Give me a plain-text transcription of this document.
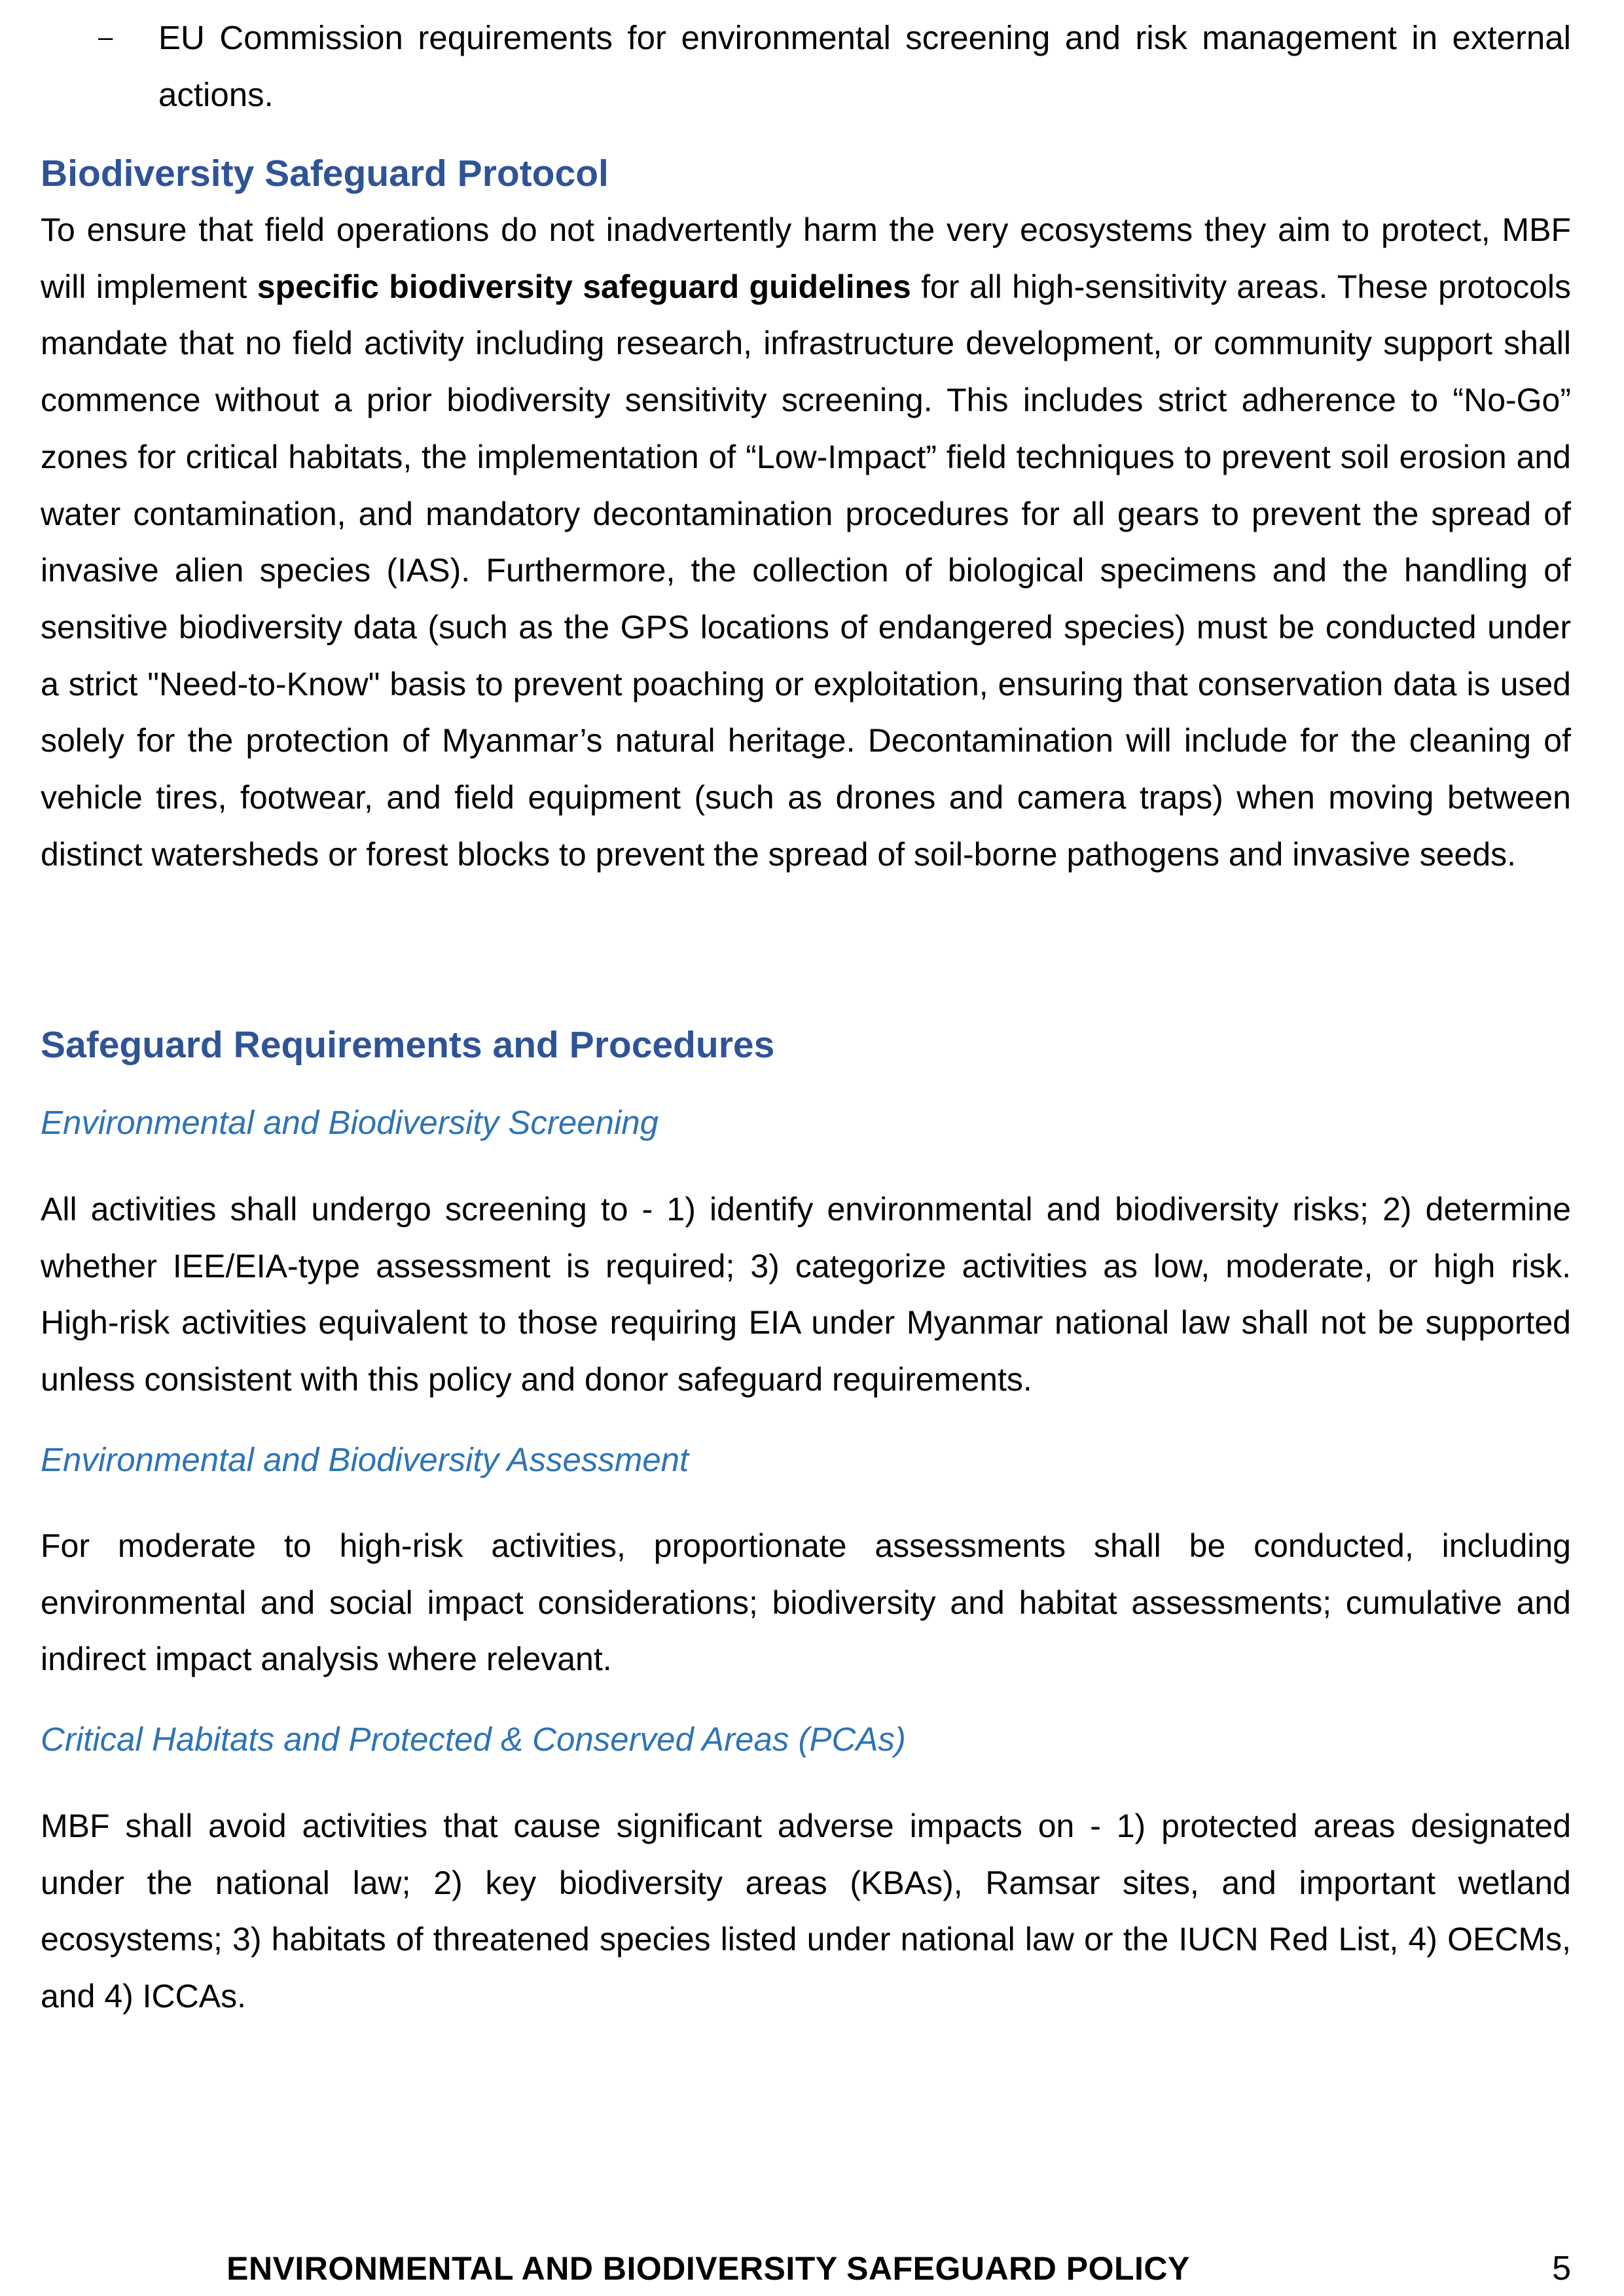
– EU Commission requirements for environmental screening and risk management in external actions.
Biodiversity Safeguard Protocol
To ensure that field operations do not inadvertently harm the very ecosystems they aim to protect, MBF will implement specific biodiversity safeguard guidelines for all high-sensitivity areas. These protocols mandate that no field activity including research, infrastructure development, or community support shall commence without a prior biodiversity sensitivity screening. This includes strict adherence to “No-Go” zones for critical habitats, the implementation of “Low-Impact” field techniques to prevent soil erosion and water contamination, and mandatory decontamination procedures for all gears to prevent the spread of invasive alien species (IAS). Furthermore, the collection of biological specimens and the handling of sensitive biodiversity data (such as the GPS locations of endangered species) must be conducted under a strict "Need-to-Know" basis to prevent poaching or exploitation, ensuring that conservation data is used solely for the protection of Myanmar’s natural heritage. Decontamination will include for the cleaning of vehicle tires, footwear, and field equipment (such as drones and camera traps) when moving between distinct watersheds or forest blocks to prevent the spread of soil-borne pathogens and invasive seeds.
Safeguard Requirements and Procedures
Environmental and Biodiversity Screening
All activities shall undergo screening to - 1) identify environmental and biodiversity risks; 2) determine whether IEE/EIA-type assessment is required; 3) categorize activities as low, moderate, or high risk. High-risk activities equivalent to those requiring EIA under Myanmar national law shall not be supported unless consistent with this policy and donor safeguard requirements.
Environmental and Biodiversity Assessment
For moderate to high-risk activities, proportionate assessments shall be conducted, including environmental and social impact considerations; biodiversity and habitat assessments; cumulative and indirect impact analysis where relevant.
Critical Habitats and Protected & Conserved Areas (PCAs)
MBF shall avoid activities that cause significant adverse impacts on - 1) protected areas designated under the national law; 2) key biodiversity areas (KBAs), Ramsar sites, and important wetland ecosystems; 3) habitats of threatened species listed under national law or the IUCN Red List, 4) OECMs, and 4) ICCAs.
ENVIRONMENTAL AND BIODIVERSITY SAFEGUARD POLICY	5
